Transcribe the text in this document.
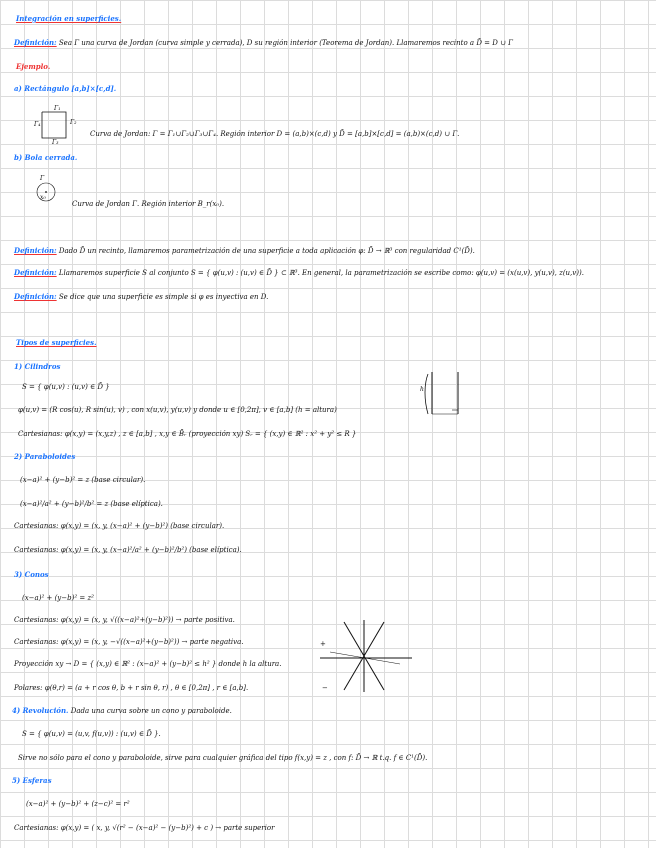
Integración en superficies.
Definición: Sea Γ una curva de Jordan (curva simple y cerrada), D su región interior (Teorema de Jordan). Llamaremos recinto a D̄ = D ∪ Γ
Ejemplo.
a) Rectángulo [a,b]×[c,d].
Γ₁
Γ₂
Γ₄
Γ₃
Curva de Jordan: Γ = Γ₁∪Γ₂∪Γ₃∪Γ₄. Región interior D = (a,b)×(c,d) y D̄ = [a,b]×[c,d] = (a,b)×(c,d) ∪ Γ.
b) Bola cerrada.
Γ
x₀
Curva de Jordan Γ. Región interior B_r(x₀).
Definición: Dado D̄ un recinto, llamaremos parametrización de una superficie a toda aplicación φ: D̄ → ℝ³ con regularidad C¹(D̄).
Definición: Llamaremos superficie S al conjunto S = { φ(u,v) : (u,v) ∈ D̄ } ⊂ ℝ³. En general, la parametrización se escribe como: φ(u,v) = (x(u,v), y(u,v), z(u,v)).
Definición: Se dice que una superficie es simple si φ es inyectiva en D.
Tipos de superficies.
1) Cilindros
S = { φ(u,v) : (u,v) ∈ D̄ }
φ(u,v) = (R cos(u), R sin(u), v) , con x(u,v), y(u,v) y donde u ∈ [0,2π], v ∈ [a,b] (h = altura)
Cartesianas: φ(x,y) = (x,y,z) , z ∈ [a,b] , x,y ∈ B̄ᵣ (proyección xy) Sᵣ = { (x,y) ∈ ℝ² : x² + y² ≤ R }
h
2) Paraboloides
(x−a)² + (y−b)² = z (base circular).
(x−a)²/a² + (y−b)²/b² = z (base elíptica).
Cartesianas: φ(x,y) = (x, y, (x−a)² + (y−b)²) (base circular).
Cartesianas: φ(x,y) = (x, y, (x−a)²/a² + (y−b)²/b²) (base elíptica).
3) Conos
(x−a)² + (y−b)² = z²
Cartesianas: φ(x,y) = (x, y, √((x−a)²+(y−b)²)) → parte positiva.
Cartesianas: φ(x,y) = (x, y, −√((x−a)²+(y−b)²)) → parte negativa.
Proyección xy → D = { (x,y) ∈ ℝ² : (x−a)² + (y−b)² ≤ h² } donde h la altura.
Polares: φ(θ,r) = (a + r cos θ, b + r sin θ, r) , θ ∈ [0,2π] , r ∈ [a,b].
+
−
4) Revolución. Dada una curva sobre un cono y paraboloide.
S = { φ(u,v) = (u,v, f(u,v)) : (u,v) ∈ D̄ }.
Sirve no sólo para el cono y paraboloide, sirve para cualquier gráfica del tipo f(x,y) = z , con f: D̄ → ℝ t.q. f ∈ C¹(D̄).
5) Esferas
(x−a)² + (y−b)² + (z−c)² = r²
Cartesianas: φ(x,y) = ( x, y, √(r² − (x−a)² − (y−b)²) + c ) → parte superior
